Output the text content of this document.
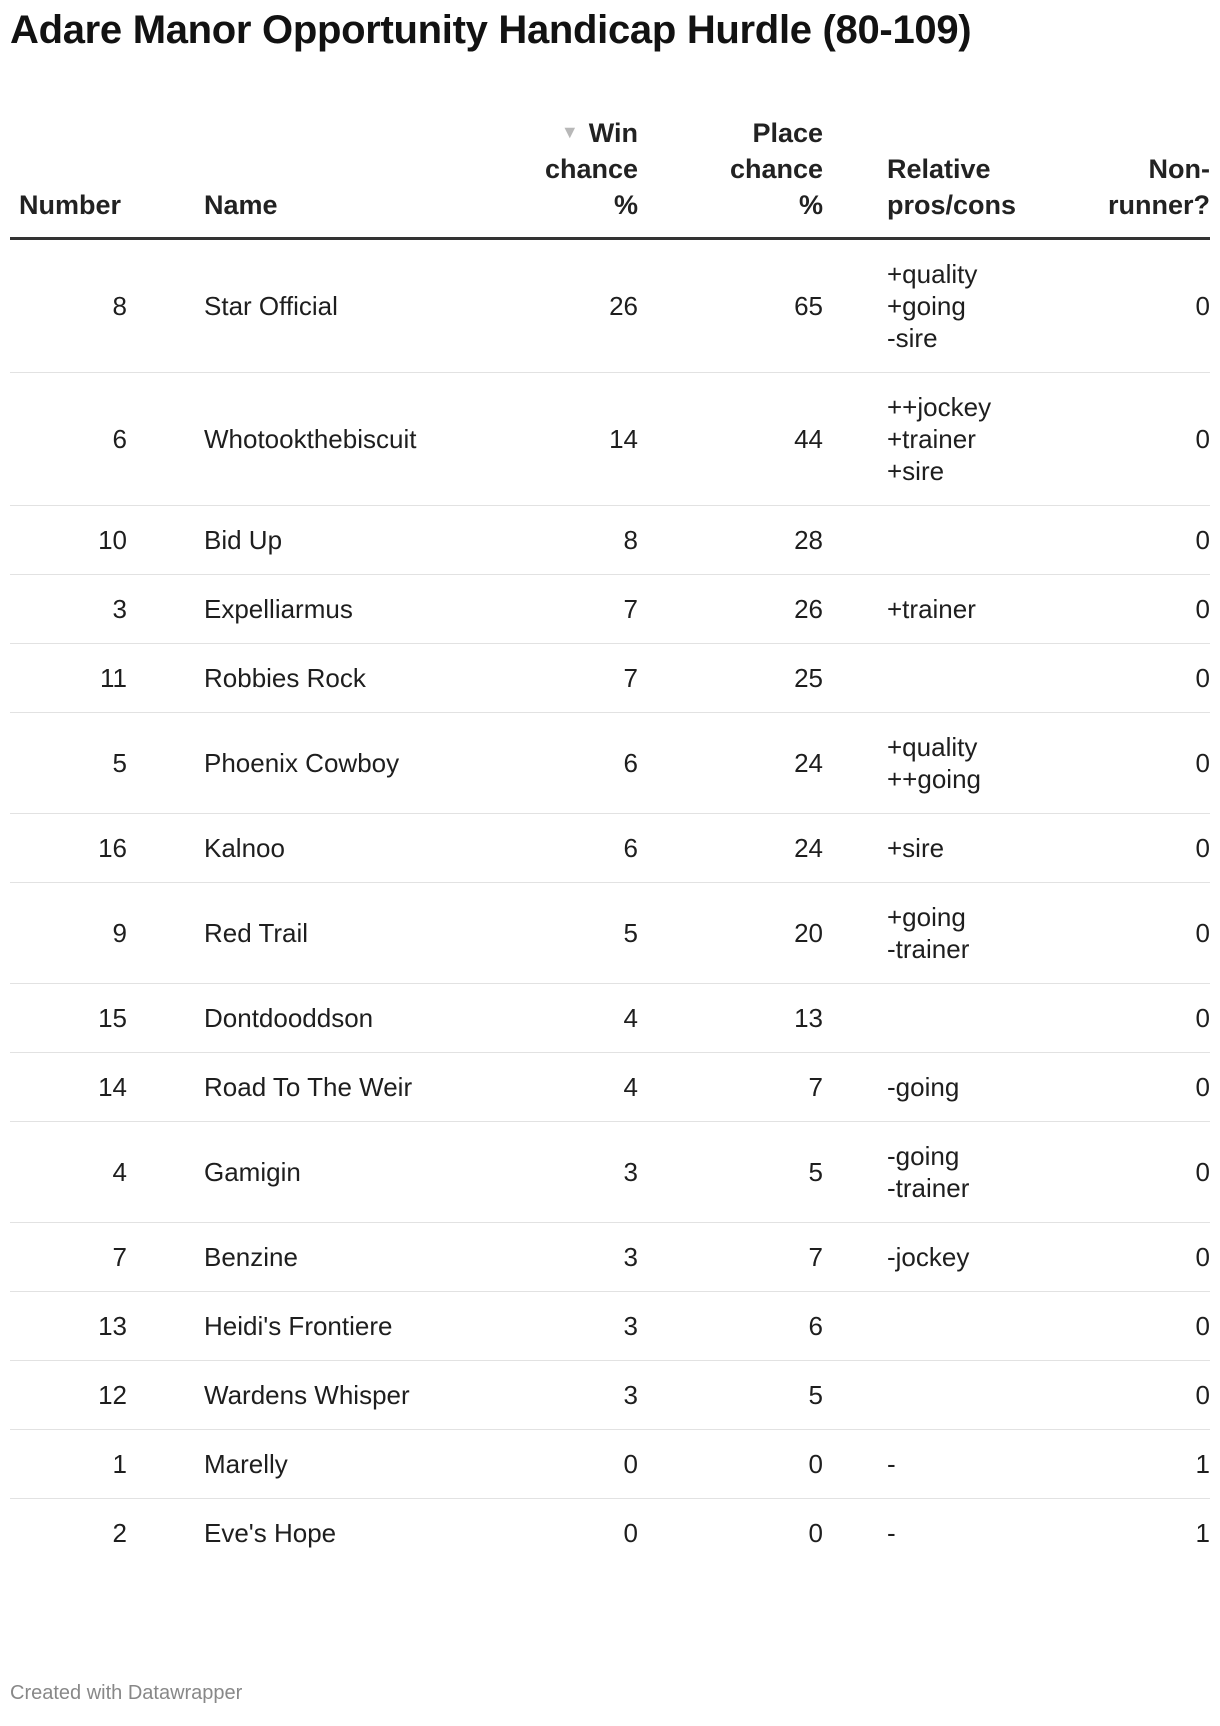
Adare Manor Opportunity Handicap Hurdle (80-109)
Number	Name	▼ Win
chance
%	Place
chance
%	Relative
pros/cons	Non-
runner?

8	Star Official	26	65	+quality
+going
-sire	0
6	Whotookthebiscuit	14	44	++jockey
+trainer
+sire	0
10	Bid Up	8	28		0
3	Expelliarmus	7	26	+trainer	0
11	Robbies Rock	7	25		0
5	Phoenix Cowboy	6	24	+quality
++going	0
16	Kalnoo	6	24	+sire	0
9	Red Trail	5	20	+going
-trainer	0
15	Dontdooddson	4	13		0
14	Road To The Weir	4	7	-going	0
4	Gamigin	3	5	-going
-trainer	0
7	Benzine	3	7	-jockey	0
13	Heidi's Frontiere	3	6		0
12	Wardens Whisper	3	5		0
1	Marelly	0	0	-	1
2	Eve's Hope	0	0	-	1
Created with Datawrapper
